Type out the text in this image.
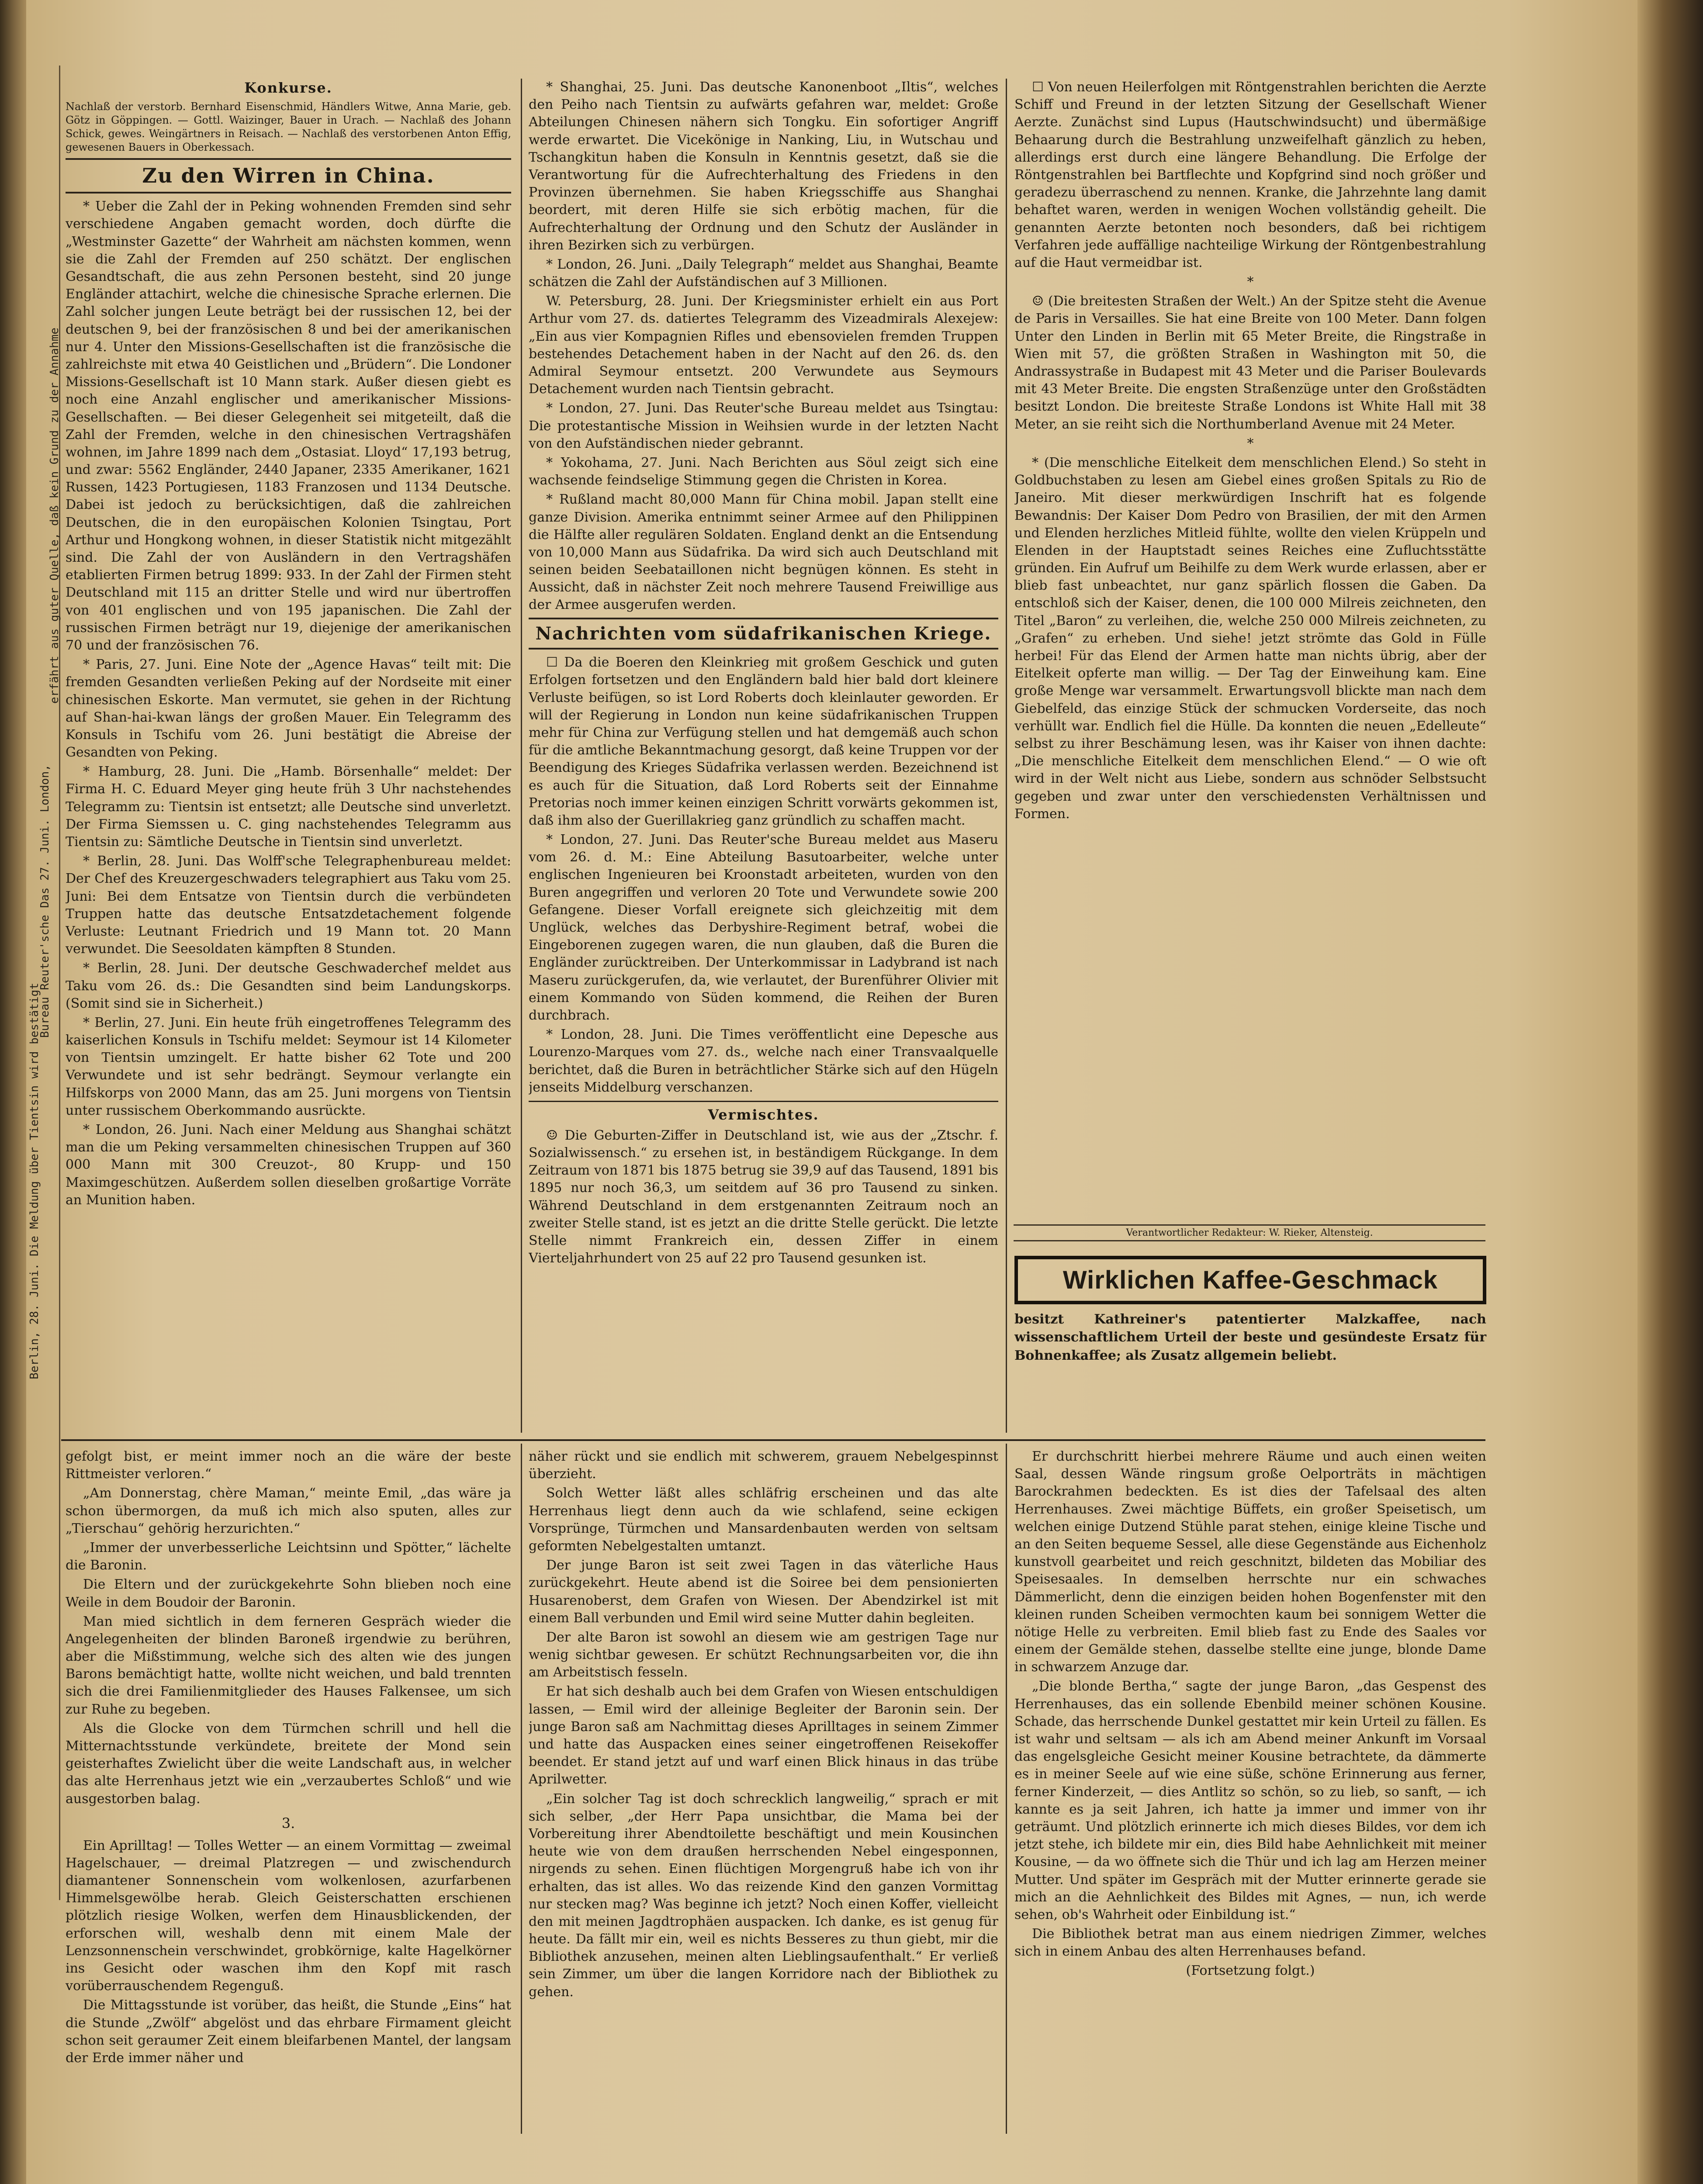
Berlin, 28. Juni. Die Meldung über Tientsin wird bestätigt
Bureau Reuter'sche Das 27. Juni. London,
erfährt aus guter Quelle, daß kein Grund zu der Annahme
Konkurse.

Nachlaß der verstorb. Bernhard Eisenschmid, Händlers Witwe, Anna Marie, geb. Götz in Göppingen. — Gottl. Waizinger, Bauer in Urach. — Nachlaß des Johann Schick, gewes. Weingärtners in Reisach. — Nachlaß des verstorbenen Anton Effig, gewesenen Bauers in Oberkessach.

Zu den Wirren in China.

* Ueber die Zahl der in Peking wohnenden Fremden sind sehr verschiedene Angaben gemacht worden, doch dürfte die „Westminster Gazette“ der Wahrheit am nächsten kommen, wenn sie die Zahl der Fremden auf 250 schätzt. Der englischen Gesandtschaft, die aus zehn Personen besteht, sind 20 junge Engländer attachirt, welche die chinesische Sprache erlernen. Die Zahl solcher jungen Leute beträgt bei der russischen 12, bei der deutschen 9, bei der französischen 8 und bei der amerikanischen nur 4. Unter den Missions-Gesellschaften ist die französische die zahlreichste mit etwa 40 Geistlichen und „Brüdern“. Die Londoner Missions-Gesellschaft ist 10 Mann stark. Außer diesen giebt es noch eine Anzahl englischer und amerikanischer Missions-Gesellschaften. — Bei dieser Gelegenheit sei mitgeteilt, daß die Zahl der Fremden, welche in den chinesischen Vertragshäfen wohnen, im Jahre 1899 nach dem „Ostasiat. Lloyd“ 17,193 betrug, und zwar: 5562 Engländer, 2440 Japaner, 2335 Amerikaner, 1621 Russen, 1423 Portugiesen, 1183 Franzosen und 1134 Deutsche. Dabei ist jedoch zu berücksichtigen, daß die zahlreichen Deutschen, die in den europäischen Kolonien Tsingtau, Port Arthur und Hongkong wohnen, in dieser Statistik nicht mitgezählt sind. Die Zahl der von Ausländern in den Vertragshäfen etablierten Firmen betrug 1899: 933. In der Zahl der Firmen steht Deutschland mit 115 an dritter Stelle und wird nur übertroffen von 401 englischen und von 195 japanischen. Die Zahl der russischen Firmen beträgt nur 19, diejenige der amerikanischen 70 und der französischen 76.

* Paris, 27. Juni. Eine Note der „Agence Havas“ teilt mit: Die fremden Gesandten verließen Peking auf der Nordseite mit einer chinesischen Eskorte. Man vermutet, sie gehen in der Richtung auf Shan-hai-kwan längs der großen Mauer. Ein Telegramm des Konsuls in Tschifu vom 26. Juni bestätigt die Abreise der Gesandten von Peking.

* Hamburg, 28. Juni. Die „Hamb. Börsenhalle“ meldet: Der Firma H. C. Eduard Meyer ging heute früh 3 Uhr nachstehendes Telegramm zu: Tientsin ist entsetzt; alle Deutsche sind unverletzt. Der Firma Siemssen u. C. ging nachstehendes Telegramm aus Tientsin zu: Sämtliche Deutsche in Tientsin sind unverletzt.

* Berlin, 28. Juni. Das Wolff'sche Telegraphenbureau meldet: Der Chef des Kreuzergeschwaders telegraphiert aus Taku vom 25. Juni: Bei dem Entsatze von Tientsin durch die verbündeten Truppen hatte das deutsche Entsatzdetachement folgende Verluste: Leutnant Friedrich und 19 Mann tot. 20 Mann verwundet. Die Seesoldaten kämpften 8 Stunden.

* Berlin, 28. Juni. Der deutsche Geschwaderchef meldet aus Taku vom 26. ds.: Die Gesandten sind beim Landungskorps. (Somit sind sie in Sicherheit.)

* Berlin, 27. Juni. Ein heute früh eingetroffenes Telegramm des kaiserlichen Konsuls in Tschifu meldet: Seymour ist 14 Kilometer von Tientsin umzingelt. Er hatte bisher 62 Tote und 200 Verwundete und ist sehr bedrängt. Seymour verlangte ein Hilfskorps von 2000 Mann, das am 25. Juni morgens von Tientsin unter russischem Oberkommando ausrückte.

* London, 26. Juni. Nach einer Meldung aus Shanghai schätzt man die um Peking versammelten chinesischen Truppen auf 360 000 Mann mit 300 Creuzot-, 80 Krupp- und 150 Maximgeschützen. Außerdem sollen dieselben großartige Vorräte an Munition haben.

* Shanghai, 25. Juni. Das deutsche Kanonenboot „Iltis“, welches den Peiho nach Tientsin zu aufwärts gefahren war, meldet: Große Abteilungen Chinesen nähern sich Tongku. Ein sofortiger Angriff werde erwartet. Die Vicekönige in Nanking, Liu, in Wutschau und Tschangkitun haben die Konsuln in Kenntnis gesetzt, daß sie die Verantwortung für die Aufrechterhaltung des Friedens in den Provinzen übernehmen. Sie haben Kriegsschiffe aus Shanghai beordert, mit deren Hilfe sie sich erbötig machen, für die Aufrechterhaltung der Ordnung und den Schutz der Ausländer in ihren Bezirken sich zu verbürgen.

* London, 26. Juni. „Daily Telegraph“ meldet aus Shanghai, Beamte schätzen die Zahl der Aufständischen auf 3 Millionen.

W. Petersburg, 28. Juni. Der Kriegsminister erhielt ein aus Port Arthur vom 27. ds. datiertes Telegramm des Vizeadmirals Alexejew: „Ein aus vier Kompagnien Rifles und ebensovielen fremden Truppen bestehendes Detachement haben in der Nacht auf den 26. ds. den Admiral Seymour entsetzt. 200 Verwundete aus Seymours Detachement wurden nach Tientsin gebracht.

* London, 27. Juni. Das Reuter'sche Bureau meldet aus Tsingtau: Die protestantische Mission in Weihsien wurde in der letzten Nacht von den Aufständischen nieder gebrannt.

* Yokohama, 27. Juni. Nach Berichten aus Söul zeigt sich eine wachsende feindselige Stimmung gegen die Christen in Korea.

* Rußland macht 80,000 Mann für China mobil. Japan stellt eine ganze Division. Amerika entnimmt seiner Armee auf den Philippinen die Hälfte aller regulären Soldaten. England denkt an die Entsendung von 10,000 Mann aus Südafrika. Da wird sich auch Deutschland mit seinen beiden Seebataillonen nicht begnügen können. Es steht in Aussicht, daß in nächster Zeit noch mehrere Tausend Freiwillige aus der Armee ausgerufen werden.

Nachrichten vom südafrikanischen Kriege.

☐ Da die Boeren den Kleinkrieg mit großem Geschick und guten Erfolgen fortsetzen und den Engländern bald hier bald dort kleinere Verluste beifügen, so ist Lord Roberts doch kleinlauter geworden. Er will der Regierung in London nun keine südafrikanischen Truppen mehr für China zur Verfügung stellen und hat demgemäß auch schon für die amtliche Bekanntmachung gesorgt, daß keine Truppen vor der Beendigung des Krieges Südafrika verlassen werden. Bezeichnend ist es auch für die Situation, daß Lord Roberts seit der Einnahme Pretorias noch immer keinen einzigen Schritt vorwärts gekommen ist, daß ihm also der Guerillakrieg ganz gründlich zu schaffen macht.

* London, 27. Juni. Das Reuter'sche Bureau meldet aus Maseru vom 26. d. M.: Eine Abteilung Basutoarbeiter, welche unter englischen Ingenieuren bei Kroonstadt arbeiteten, wurden von den Buren angegriffen und verloren 20 Tote und Verwundete sowie 200 Gefangene. Dieser Vorfall ereignete sich gleichzeitig mit dem Unglück, welches das Derbyshire-Regiment betraf, wobei die Eingeborenen zugegen waren, die nun glauben, daß die Buren die Engländer zurücktreiben. Der Unterkommissar in Ladybrand ist nach Maseru zurückgerufen, da, wie verlautet, der Burenführer Olivier mit einem Kommando von Süden kommend, die Reihen der Buren durchbrach.

* London, 28. Juni. Die Times veröffentlicht eine Depesche aus Lourenzo-Marques vom 27. ds., welche nach einer Transvaalquelle berichtet, daß die Buren in beträchtlicher Stärke sich auf den Hügeln jenseits Middelburg verschanzen.

Vermischtes.

☺ Die Geburten-Ziffer in Deutschland ist, wie aus der „Ztschr. f. Sozialwissensch.“ zu ersehen ist, in beständigem Rückgange. In dem Zeitraum von 1871 bis 1875 betrug sie 39,9 auf das Tausend, 1891 bis 1895 nur noch 36,3, um seitdem auf 36 pro Tausend zu sinken. Während Deutschland in dem erstgenannten Zeitraum noch an zweiter Stelle stand, ist es jetzt an die dritte Stelle gerückt. Die letzte Stelle nimmt Frankreich ein, dessen Ziffer in einem Vierteljahrhundert von 25 auf 22 pro Tausend gesunken ist.

☐ Von neuen Heilerfolgen mit Röntgenstrahlen berichten die Aerzte Schiff und Freund in der letzten Sitzung der Gesellschaft Wiener Aerzte. Zunächst sind Lupus (Hautschwindsucht) und übermäßige Behaarung durch die Bestrahlung unzweifelhaft gänzlich zu heben, allerdings erst durch eine längere Behandlung. Die Erfolge der Röntgenstrahlen bei Bartflechte und Kopfgrind sind noch größer und geradezu überraschend zu nennen. Kranke, die Jahrzehnte lang damit behaftet waren, werden in wenigen Wochen vollständig geheilt. Die genannten Aerzte betonten noch besonders, daß bei richtigem Verfahren jede auffällige nachteilige Wirkung der Röntgenbestrahlung auf die Haut vermeidbar ist.

*

☺ (Die breitesten Straßen der Welt.) An der Spitze steht die Avenue de Paris in Versailles. Sie hat eine Breite von 100 Meter. Dann folgen Unter den Linden in Berlin mit 65 Meter Breite, die Ringstraße in Wien mit 57, die größten Straßen in Washington mit 50, die Andrassystraße in Budapest mit 43 Meter und die Pariser Boulevards mit 43 Meter Breite. Die engsten Straßenzüge unter den Großstädten besitzt London. Die breiteste Straße Londons ist White Hall mit 38 Meter, an sie reiht sich die Northumberland Avenue mit 24 Meter.

*

* (Die menschliche Eitelkeit dem menschlichen Elend.) So steht in Goldbuchstaben zu lesen am Giebel eines großen Spitals zu Rio de Janeiro. Mit dieser merkwürdigen Inschrift hat es folgende Bewandnis: Der Kaiser Dom Pedro von Brasilien, der mit den Armen und Elenden herzliches Mitleid fühlte, wollte den vielen Krüppeln und Elenden in der Hauptstadt seines Reiches eine Zufluchtsstätte gründen. Ein Aufruf um Beihilfe zu dem Werk wurde erlassen, aber er blieb fast unbeachtet, nur ganz spärlich flossen die Gaben. Da entschloß sich der Kaiser, denen, die 100 000 Milreis zeichneten, den Titel „Baron“ zu verleihen, die, welche 250 000 Milreis zeichneten, zu „Grafen“ zu erheben. Und siehe! jetzt strömte das Gold in Fülle herbei! Für das Elend der Armen hatte man nichts übrig, aber der Eitelkeit opferte man willig. — Der Tag der Einweihung kam. Eine große Menge war versammelt. Erwartungsvoll blickte man nach dem Giebelfeld, das einzige Stück der schmucken Vorderseite, das noch verhüllt war. Endlich fiel die Hülle. Da konnten die neuen „Edelleute“ selbst zu ihrer Beschämung lesen, was ihr Kaiser von ihnen dachte: „Die menschliche Eitelkeit dem menschlichen Elend.“ — O wie oft wird in der Welt nicht aus Liebe, sondern aus schnöder Selbstsucht gegeben und zwar unter den verschiedensten Verhältnissen und Formen.

Verantwortlicher Redakteur: W. Rieker, Altensteig.
Wirklichen Kaffee-Geschmack
besitzt Kathreiner's patentierter Malzkaffee, nach wissenschaftlichem Urteil der beste und gesündeste Ersatz für Bohnenkaffee; als Zusatz allgemein beliebt.

gefolgt bist, er meint immer noch an die wäre der beste Rittmeister verloren.“

„Am Donnerstag, chère Maman,“ meinte Emil, „das wäre ja schon übermorgen, da muß ich mich also sputen, alles zur „Tierschau“ gehörig herzurichten.“

„Immer der unverbesserliche Leichtsinn und Spötter,“ lächelte die Baronin.

Die Eltern und der zurückgekehrte Sohn blieben noch eine Weile in dem Boudoir der Baronin.

Man mied sichtlich in dem ferneren Gespräch wieder die Angelegenheiten der blinden Baroneß irgendwie zu berühren, aber die Mißstimmung, welche sich des alten wie des jungen Barons bemächtigt hatte, wollte nicht weichen, und bald trennten sich die drei Familienmitglieder des Hauses Falkensee, um sich zur Ruhe zu begeben.

Als die Glocke von dem Türmchen schrill und hell die Mitternachtsstunde verkündete, breitete der Mond sein geisterhaftes Zwielicht über die weite Landschaft aus, in welcher das alte Herrenhaus jetzt wie ein „verzaubertes Schloß“ und wie ausgestorben balag.

3.

Ein Aprilltag! — Tolles Wetter — an einem Vormittag — zweimal Hagelschauer, — dreimal Platzregen — und zwischendurch diamantener Sonnenschein vom wolkenlosen, azurfarbenen Himmelsgewölbe herab. Gleich Geisterschatten erschienen plötzlich riesige Wolken, werfen dem Hinausblickenden, der erforschen will, weshalb denn mit einem Male der Lenzsonnenschein verschwindet, grobkörnige, kalte Hagelkörner ins Gesicht oder waschen ihm den Kopf mit rasch vorüberrauschendem Regenguß.

Die Mittagsstunde ist vorüber, das heißt, die Stunde „Eins“ hat die Stunde „Zwölf“ abgelöst und das ehrbare Firmament gleicht schon seit geraumer Zeit einem bleifarbenen Mantel, der langsam der Erde immer näher und

näher rückt und sie endlich mit schwerem, grauem Nebelgespinnst überzieht.

Solch Wetter läßt alles schläfrig erscheinen und das alte Herrenhaus liegt denn auch da wie schlafend, seine eckigen Vorsprünge, Türmchen und Mansardenbauten werden von seltsam geformten Nebelgestalten umtanzt.

Der junge Baron ist seit zwei Tagen in das väterliche Haus zurückgekehrt. Heute abend ist die Soiree bei dem pensionierten Husarenoberst, dem Grafen von Wiesen. Der Abendzirkel ist mit einem Ball verbunden und Emil wird seine Mutter dahin begleiten.

Der alte Baron ist sowohl an diesem wie am gestrigen Tage nur wenig sichtbar gewesen. Er schützt Rechnungsarbeiten vor, die ihn am Arbeitstisch fesseln.

Er hat sich deshalb auch bei dem Grafen von Wiesen entschuldigen lassen, — Emil wird der alleinige Begleiter der Baronin sein. Der junge Baron saß am Nachmittag dieses Aprilltages in seinem Zimmer und hatte das Auspacken eines seiner eingetroffenen Reisekoffer beendet. Er stand jetzt auf und warf einen Blick hinaus in das trübe Aprilwetter.

„Ein solcher Tag ist doch schrecklich langweilig,“ sprach er mit sich selber, „der Herr Papa unsichtbar, die Mama bei der Vorbereitung ihrer Abendtoilette beschäftigt und mein Kousinchen heute wie von dem draußen herrschenden Nebel eingesponnen, nirgends zu sehen. Einen flüchtigen Morgengruß habe ich von ihr erhalten, das ist alles. Wo das reizende Kind den ganzen Vormittag nur stecken mag? Was beginne ich jetzt? Noch einen Koffer, vielleicht den mit meinen Jagdtrophäen auspacken. Ich danke, es ist genug für heute. Da fällt mir ein, weil es nichts Besseres zu thun giebt, mir die Bibliothek anzusehen, meinen alten Lieblingsaufenthalt.“ Er verließ sein Zimmer, um über die langen Korridore nach der Bibliothek zu gehen.

Er durchschritt hierbei mehrere Räume und auch einen weiten Saal, dessen Wände ringsum große Oelporträts in mächtigen Barockrahmen bedeckten. Es ist dies der Tafelsaal des alten Herrenhauses. Zwei mächtige Büffets, ein großer Speisetisch, um welchen einige Dutzend Stühle parat stehen, einige kleine Tische und an den Seiten bequeme Sessel, alle diese Gegenstände aus Eichenholz kunstvoll gearbeitet und reich geschnitzt, bildeten das Mobiliar des Speisesaales. In demselben herrschte nur ein schwaches Dämmerlicht, denn die einzigen beiden hohen Bogenfenster mit den kleinen runden Scheiben vermochten kaum bei sonnigem Wetter die nötige Helle zu verbreiten. Emil blieb fast zu Ende des Saales vor einem der Gemälde stehen, dasselbe stellte eine junge, blonde Dame in schwarzem Anzuge dar.

„Die blonde Bertha,“ sagte der junge Baron, „das Gespenst des Herrenhauses, das ein sollende Ebenbild meiner schönen Kousine. Schade, das herrschende Dunkel gestattet mir kein Urteil zu fällen. Es ist wahr und seltsam — als ich am Abend meiner Ankunft im Vorsaal das engelsgleiche Gesicht meiner Kousine betrachtete, da dämmerte es in meiner Seele auf wie eine süße, schöne Erinnerung aus ferner, ferner Kinderzeit, — dies Antlitz so schön, so zu lieb, so sanft, — ich kannte es ja seit Jahren, ich hatte ja immer und immer von ihr geträumt. Und plötzlich erinnerte ich mich dieses Bildes, vor dem ich jetzt stehe, ich bildete mir ein, dies Bild habe Aehnlichkeit mit meiner Kousine, — da wo öffnete sich die Thür und ich lag am Herzen meiner Mutter. Und später im Gespräch mit der Mutter erinnerte gerade sie mich an die Aehnlichkeit des Bildes mit Agnes, — nun, ich werde sehen, ob's Wahrheit oder Einbildung ist.“

Die Bibliothek betrat man aus einem niedrigen Zimmer, welches sich in einem Anbau des alten Herrenhauses befand.

(Fortsetzung folgt.)
